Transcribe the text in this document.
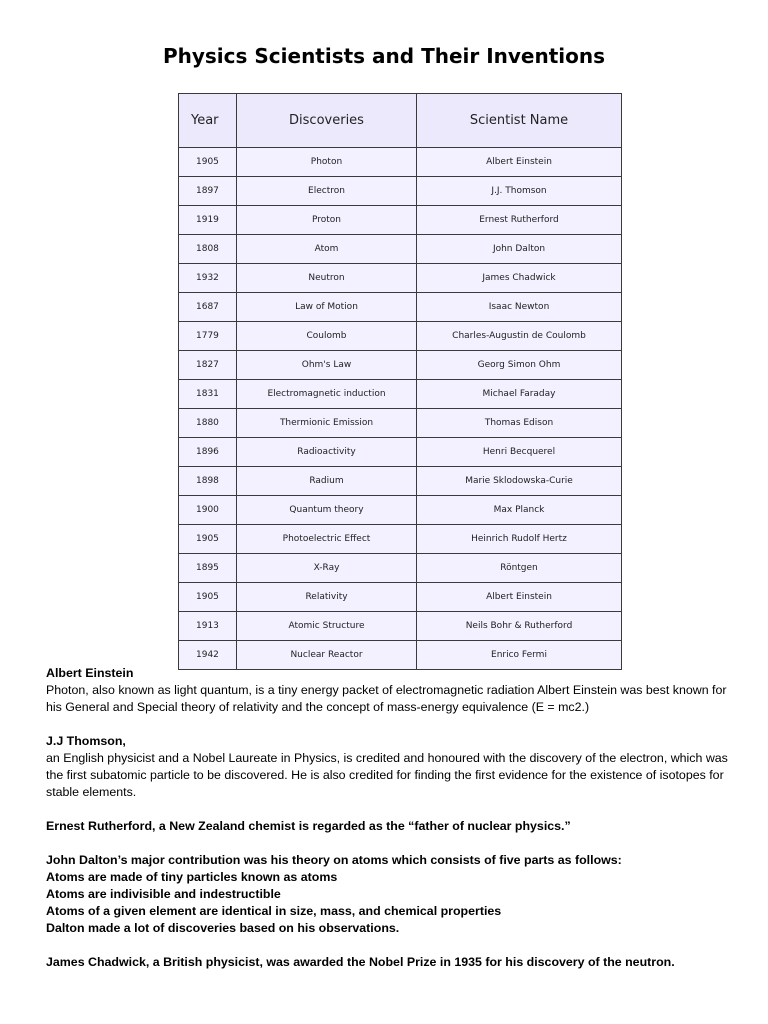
Physics Scientists and Their Inventions
Year	Discoveries	Scientist Name
1905	Photon	Albert Einstein
1897	Electron	J.J. Thomson
1919	Proton	Ernest Rutherford
1808	Atom	John Dalton
1932	Neutron	James Chadwick
1687	Law of Motion	Isaac Newton
1779	Coulomb	Charles-Augustin de Coulomb
1827	Ohm's Law	Georg Simon Ohm
1831	Electromagnetic induction	Michael Faraday
1880	Thermionic Emission	Thomas Edison
1896	Radioactivity	Henri Becquerel
1898	Radium	Marie Sklodowska-Curie
1900	Quantum theory	Max Planck
1905	Photoelectric Effect	Heinrich Rudolf Hertz
1895	X-Ray	Röntgen
1905	Relativity	Albert Einstein
1913	Atomic Structure	Neils Bohr & Rutherford
1942	Nuclear Reactor	Enrico Fermi

Albert Einstein

Photon, also known as light quantum, is a tiny energy packet of electromagnetic radiation Albert Einstein was best known for his General and Special theory of relativity and the concept of mass-energy equivalence (E = mc2.)

J.J Thomson,

an English physicist and a Nobel Laureate in Physics, is credited and honoured with the discovery of the electron, which was the first subatomic particle to be discovered. He is also credited for finding the first evidence for the existence of isotopes for stable elements.

Ernest Rutherford, a New Zealand chemist is regarded as the “father of nuclear physics.”

John Dalton’s major contribution was his theory on atoms which consists of five parts as follows:

Atoms are made of tiny particles known as atoms

Atoms are indivisible and indestructible

Atoms of a given element are identical in size, mass, and chemical properties

Dalton made a lot of discoveries based on his observations.

James Chadwick, a British physicist, was awarded the Nobel Prize in 1935 for his discovery of the neutron.
